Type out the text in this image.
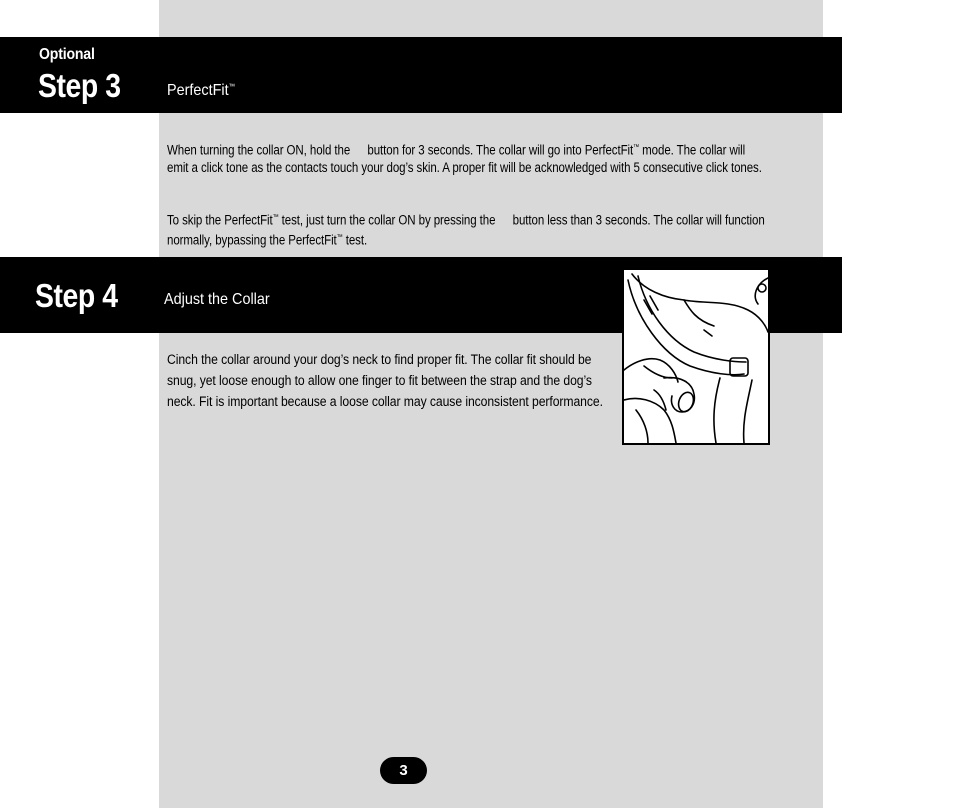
Optional
Step 3	PerfectFit™
When turning the collar ON, hold the button for 3 seconds. The collar will go into PerfectFit™ mode. The collar will emit a click tone as the contacts touch your dog’s skin. A proper fit will be acknowledged with 5 consecutive click tones.
To skip the PerfectFit™ test, just turn the collar ON by pressing the button less than 3 seconds. The collar will function normally, bypassing the PerfectFit™ test.
Step 4	Adjust the Collar
Cinch the collar around your dog’s neck to find proper fit. The collar fit should be snug, yet loose enough to allow one finger to fit between the strap and the dog’s neck. Fit is important because a loose collar may cause inconsistent performance.
3
